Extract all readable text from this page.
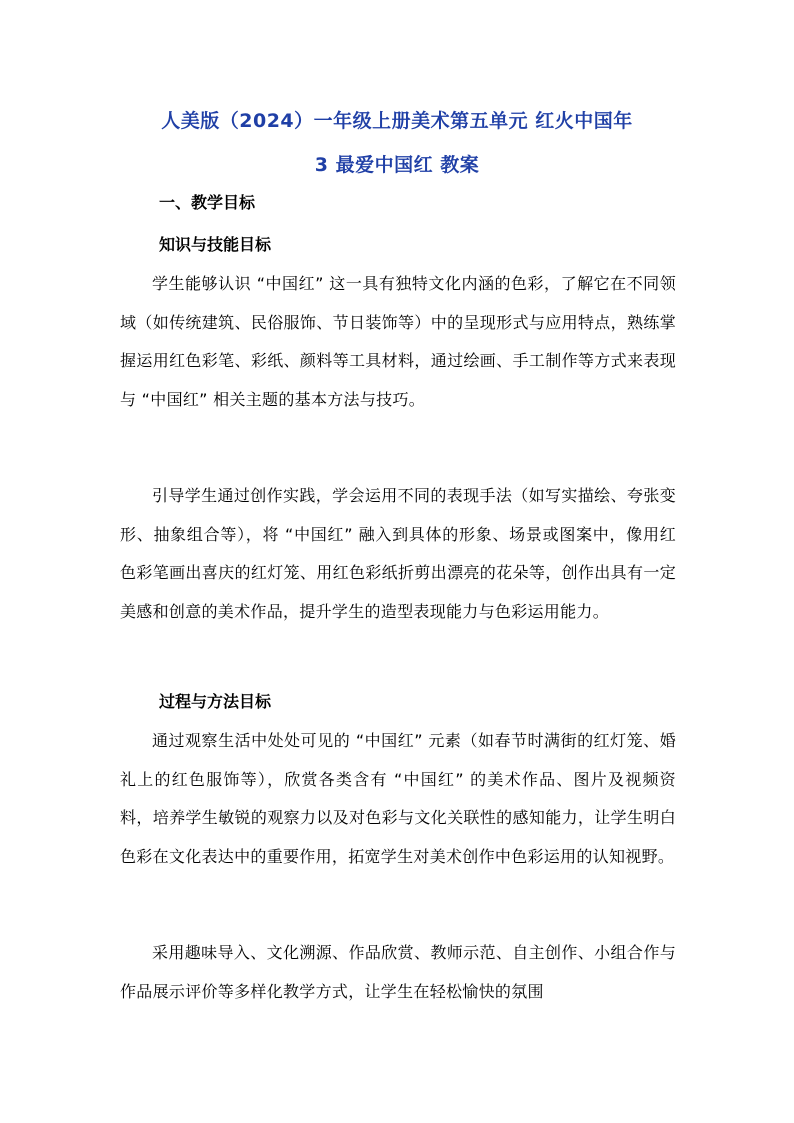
人美版（2024）一年级上册美术第五单元 红火中国年
3 最爱中国红 教案
一、教学目标
知识与技能目标
学生能够认识 “中国红” 这一具有独特文化内涵的色彩，了解它在不同领域（如传统建筑、民俗服饰、节日装饰等）中的呈现形式与应用特点，熟练掌握运用红色彩笔、彩纸、颜料等工具材料，通过绘画、手工制作等方式来表现与 “中国红” 相关主题的基本方法与技巧。
引导学生通过创作实践，学会运用不同的表现手法（如写实描绘、夸张变形、抽象组合等），将 “中国红” 融入到具体的形象、场景或图案中，像用红色彩笔画出喜庆的红灯笼、用红色彩纸折剪出漂亮的花朵等，创作出具有一定美感和创意的美术作品，提升学生的造型表现能力与色彩运用能力。
过程与方法目标
通过观察生活中处处可见的 “中国红” 元素（如春节时满街的红灯笼、婚礼上的红色服饰等），欣赏各类含有 “中国红” 的美术作品、图片及视频资料，培养学生敏锐的观察力以及对色彩与文化关联性的感知能力，让学生明白色彩在文化表达中的重要作用，拓宽学生对美术创作中色彩运用的认知视野。
采用趣味导入、文化溯源、作品欣赏、教师示范、自主创作、小组合作与作品展示评价等多样化教学方式，让学生在轻松愉快的氛围
